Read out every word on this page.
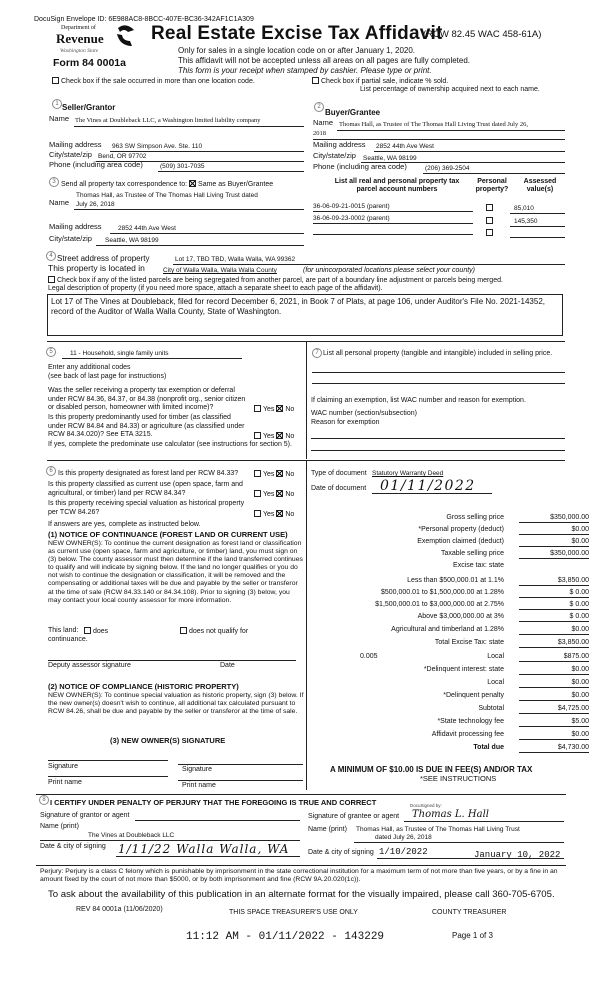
DocuSign Envelope ID: 6E988AC8-8BCC-407E-BC36-342AF1C1A309
Department of
Revenue
Washington State
Form 84 0001a
Real Estate Excise Tax Affidavit
(RCW 82.45 WAC 458-61A)
Only for sales in a single location code on or after January 1, 2020.
This affidavit will not be accepted unless all areas on all pages are fully completed.
This form is your receipt when stamped by cashier. Please type or print.
Check box if the sale occurred in more than one location code.	Check box if partial sale, indicate % sold.
List percentage of ownership acquired next to each name.
1 Seller/Grantor
Name The Vines at Doubleback LLC, a Washington limited liability company
Mailing address 963 SW Simpson Ave. Ste. 110
City/state/zip Bend, OR 97702
Phone (including area code)	(509) 301-7035
2
Buyer/Grantee
Name Thomas Hall, as Trustee of The Thomas Hall Living Trust dated July 26,
2018
Mailing address 2852 44th Ave West
City/state/zip Seattle, WA 98199
Phone (including area code)	(206) 369-2504
3 Send all property tax correspondence to: Same as Buyer/Grantee
Thomas Hall, as Trustee of The Thomas Hall Living Trust dated
Name July 26, 2018
Mailing address	2852 44th Ave West
City/state/zip Seattle, WA 98199
List all real and personal property tax
parcel account numbers
Personal
property?
Assessed
value(s)
36-06-09-21-0015 (parent)	85,010
36-06-09-23-0002 (parent)	145,350
4 Street address of property	Lot 17, TBD TBD, Walla Walla, WA 99362
This property is located in	City of Walla Walla, Walla Walla County	(for unincorporated locations please select your county)
Check box if any of the listed parcels are being segregated from another parcel, are part of a boundary line adjustment or parcels being merged.
Legal description of property (if you need more space, attach a separate sheet to each page of the affidavit).
Lot 17 of The Vines at Doubleback, filed for record December 6, 2021, in Book 7 of Plats, at page 106, under Auditor's File No. 2021-14352, record of the Auditor of Walla Walla County, State of Washington.
5	11 - Household, single family units
Enter any additional codes
(see back of last page for instructions)
Was the seller receiving a property tax exemption or deferral under RCW 84.36, 84.37, or 84.38 (nonprofit org., senior citizen or disabled person, homeowner with limited income)?	Yes No
Is this property predominantly used for timber (as classified under RCW 84.84 and 84.33) or agriculture (as classified under RCW 84.34.020)? See ETA 3215.	Yes No
If yes, complete the predominate use calculator (see instructions for section 5).
7 List all personal property (tangible and intangible) included in selling price.
If claiming an exemption, list WAC number and reason for exemption.
WAC number (section/subsection)
Reason for exemption
6 Is this property designated as forest land per RCW 84.33?	Yes No
Is this property classified as current use (open space, farm and agricultural, or timber) land per RCW 84.34?	Yes No
Is this property receiving special valuation as historical property per TCW 84.26?	Yes No
If answers are yes, complete as instructed below.
(1) NOTICE OF CONTINUANCE (FOREST LAND OR CURRENT USE)
NEW OWNER(S): To continue the current designation as forest land or classification as current use (open space, farm and agriculture, or timber) land, you must sign on (3) below. The county assessor must then determine if the land transferred continues to qualify and will indicate by signing below. If the land no longer qualifies or you do not wish to continue the designation or classification, it will be removed and the compensating or additional taxes will be due and payable by the seller or transferor at the time of sale (RCW 84.33.140 or 84.34.108). Prior to signing (3) below, you may contact your local county assessor for more information.
This land:	does	does not qualify for
continuance.
Deputy assessor signature	Date
(2) NOTICE OF COMPLIANCE (HISTORIC PROPERTY)
NEW OWNER(S): To continue special valuation as historic property, sign (3) below. If the new owner(s) doesn't wish to continue, all additional tax calculated pursuant to RCW 84.26, shall be due and payable by the seller or transferor at the time of sale.
(3) NEW OWNER(S) SIGNATURE
Signature	Signature
Print name	Print name
Type of document Statutory Warranty Deed
Date of document 01/11/2022
Gross selling price	$350,000.00
*Personal property (deduct)	$0.00
Exemption claimed (deduct)	$0.00
Taxable selling price	$350,000.00
Excise tax: state
Less than $500,000.01 at 1.1%	$3,850.00
$500,000.01 to $1,500,000.00 at 1.28%	$ 0.00
$1,500,000.01 to $3,000,000.00 at 2.75%	$ 0.00
Above $3,000,000.00 at 3%	$ 0.00
Agricultural and timberland at 1.28%	$0.00
Total Excise Tax: state	$3,850.00
0.005	Local	$875.00
*Delinquent interest: state	$0.00
Local	$0.00
*Delinquent penalty	$0.00
Subtotal	$4,725.00
*State technology fee	$5.00
Affidavit processing fee	$0.00
Total due	$4,730.00
A MINIMUM OF $10.00 IS DUE IN FEE(S) AND/OR TAX
*SEE INSTRUCTIONS
8 I CERTIFY UNDER PENALTY OF PERJURY THAT THE FOREGOING IS TRUE AND CORRECT
Signature of grantor or agent
Name (print)
The Vines at Doubleback LLC
Date & city of signing 1/11/22 Walla Walla, WA
Signature of grantee or agent
DocuSigned by:
Thomas L. Hall
Name (print) Thomas Hall, as Trustee of The Thomas Hall Living Trust
dated July 26, 2018
Date & city of signing 1/10/2022	January 10, 2022
Perjury: Perjury is a class C felony which is punishable by imprisonment in the state correctional institution for a maximum term of not more than five years, or by a fine in an amount fixed by the court of not more than $5000, or by both imprisonment and fine (RCW 9A.20.020(1c)).
To ask about the availability of this publication in an alternate format for the visually impaired, please call 360-705-6705.
REV 84 0001a (11/06/2020)	THIS SPACE TREASURER'S USE ONLY	COUNTY TREASURER
11:12 AM - 01/11/2022 - 143229	Page 1 of 3
